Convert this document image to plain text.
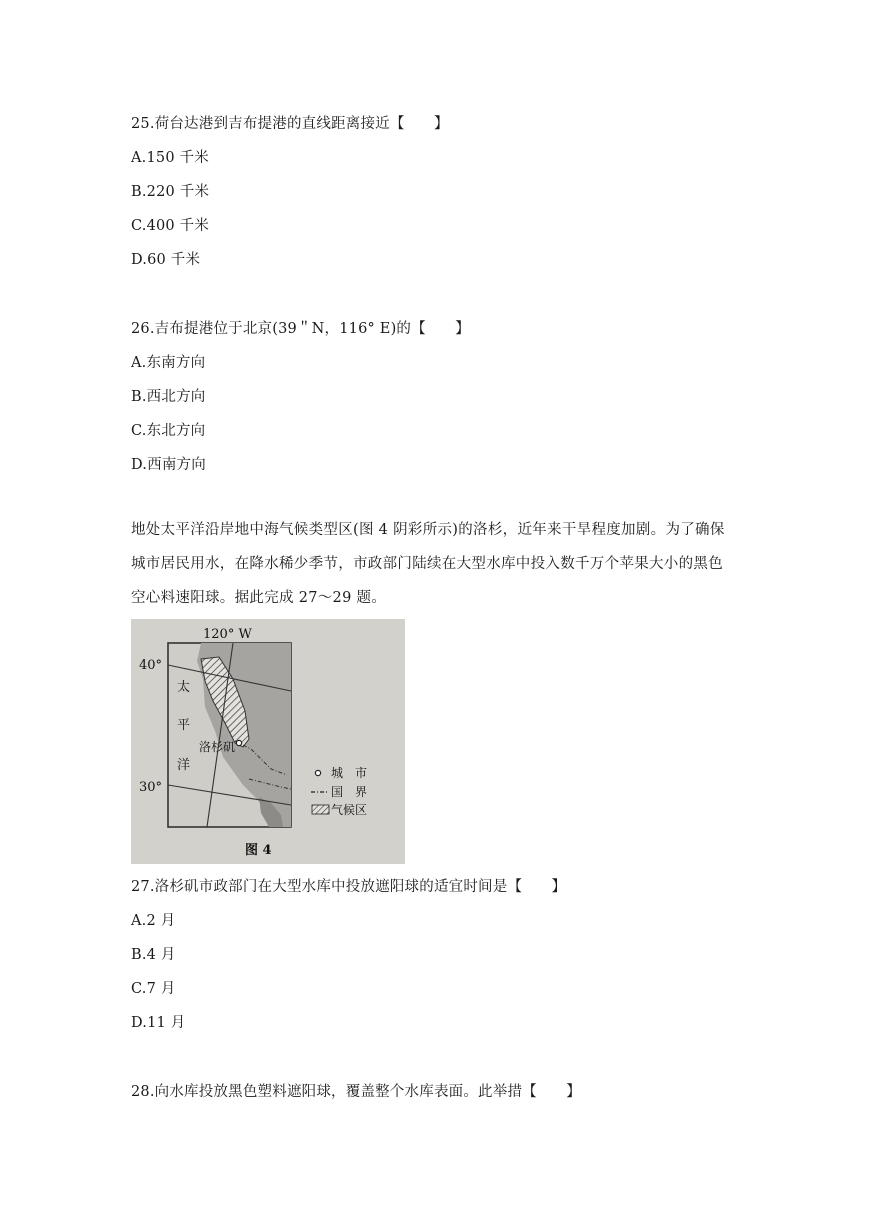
25.荷台达港到吉布提港的直线距离接近【　　】
A.150 千米
B.220 千米
C.400 千米
D.60 千米
26.吉布提港位于北京(39＂N，116° E)的【　　】
A.东南方向
B.西北方向
C.东北方向
D.西南方向
地处太平洋沿岸地中海气候类型区(图 4 阴彩所示)的洛杉，近年来干旱程度加剧。为了确保
城市居民用水，在降水稀少季节，市政部门陆续在大型水库中投入数千万个苹果大小的黑色
空心料速阳球。据此完成 27～29 题。
120° W
40°
30°
太
平
洋
洛杉矶
城　市
国　界
气候区
图 4
27.洛杉矶市政部门在大型水库中投放遮阳球的适宜时间是【　　】
A.2 月
B.4 月
C.7 月
D.11 月
28.向水库投放黑色塑料遮阳球，覆盖整个水库表面。此举措【　　】
